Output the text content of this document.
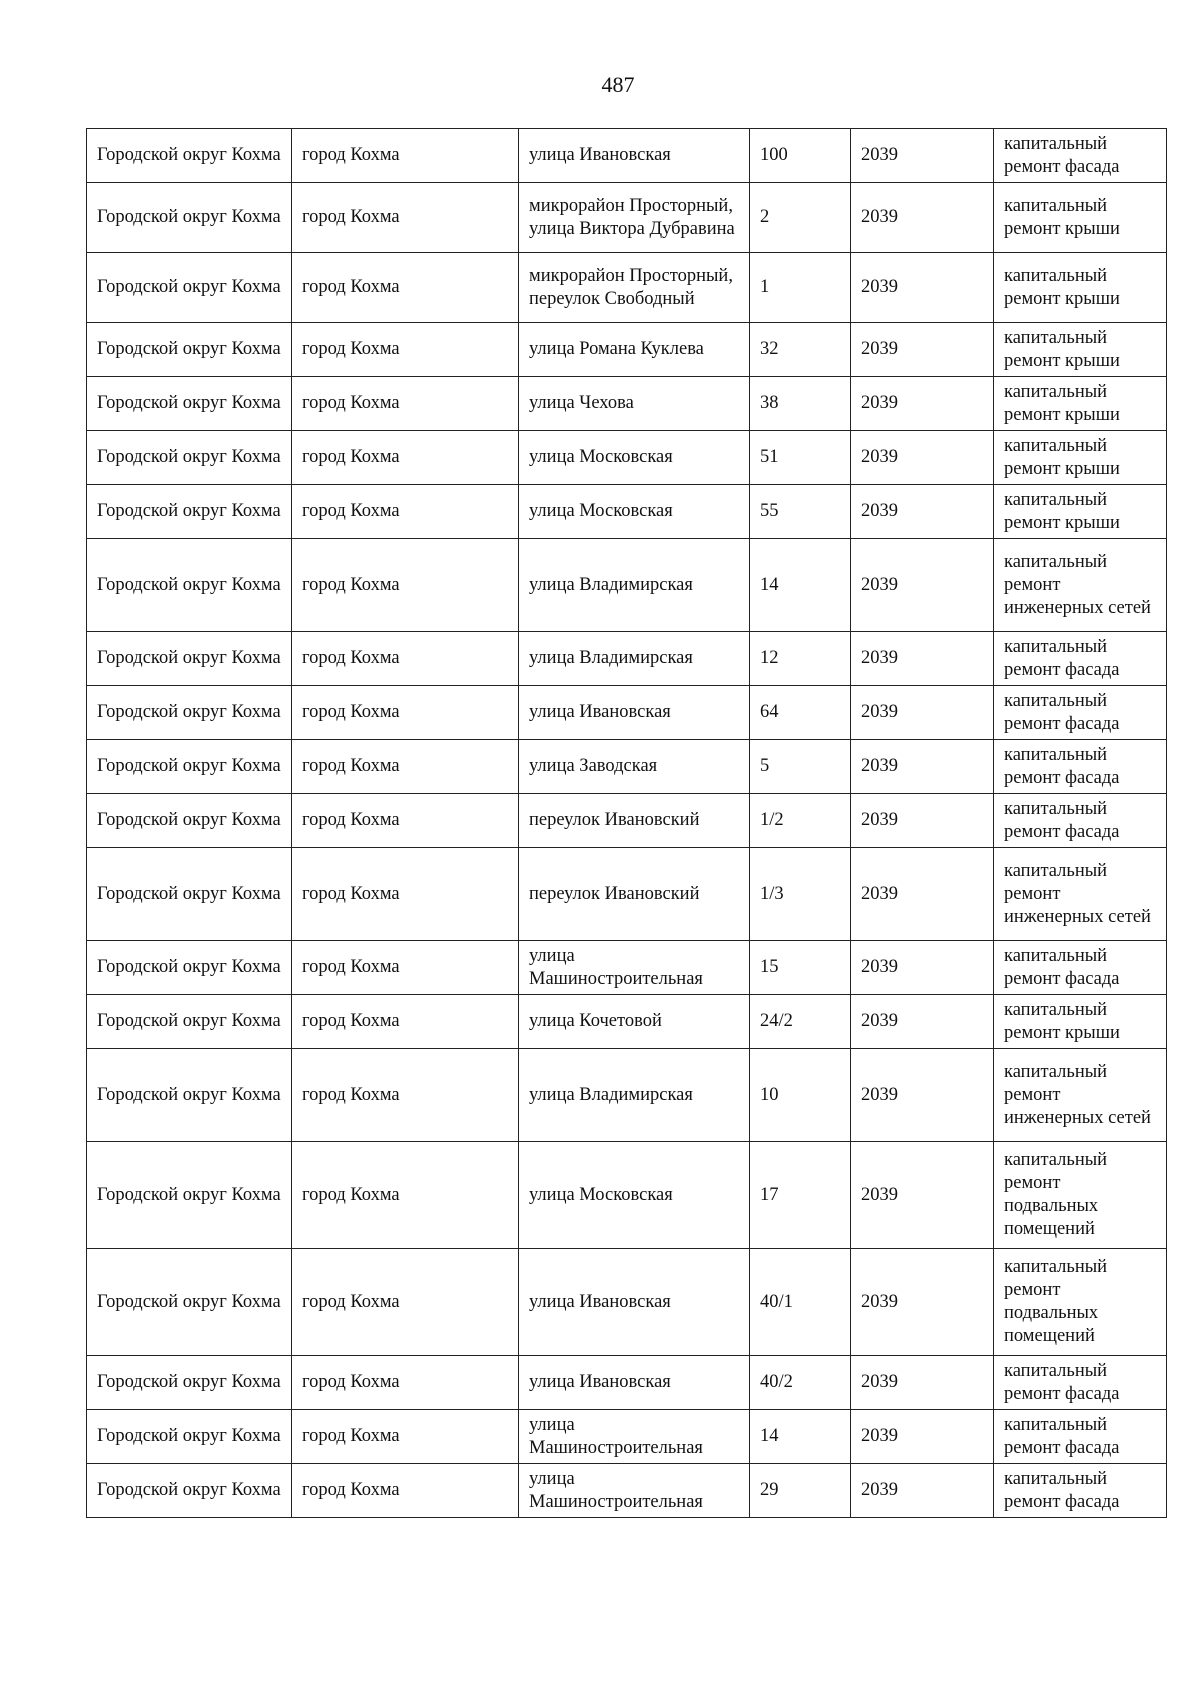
487
Городской округ Кохма	город Кохма	улица Ивановская	100	2039	капитальный ремонт фасада
Городской округ Кохма	город Кохма	микрорайон Просторный, улица Виктора Дубравина	2	2039	капитальный ремонт крыши
Городской округ Кохма	город Кохма	микрорайон Просторный, переулок Свободный	1	2039	капитальный ремонт крыши
Городской округ Кохма	город Кохма	улица Романа Куклева	32	2039	капитальный ремонт крыши
Городской округ Кохма	город Кохма	улица Чехова	38	2039	капитальный ремонт крыши
Городской округ Кохма	город Кохма	улица Московская	51	2039	капитальный ремонт крыши
Городской округ Кохма	город Кохма	улица Московская	55	2039	капитальный ремонт крыши
Городской округ Кохма	город Кохма	улица Владимирская	14	2039	капитальный ремонт инженерных сетей
Городской округ Кохма	город Кохма	улица Владимирская	12	2039	капитальный ремонт фасада
Городской округ Кохма	город Кохма	улица Ивановская	64	2039	капитальный ремонт фасада
Городской округ Кохма	город Кохма	улица Заводская	5	2039	капитальный ремонт фасада
Городской округ Кохма	город Кохма	переулок Ивановский	1/2	2039	капитальный ремонт фасада
Городской округ Кохма	город Кохма	переулок Ивановский	1/3	2039	капитальный ремонт инженерных сетей
Городской округ Кохма	город Кохма	улица Машиностроительная	15	2039	капитальный ремонт фасада
Городской округ Кохма	город Кохма	улица Кочетовой	24/2	2039	капитальный ремонт крыши
Городской округ Кохма	город Кохма	улица Владимирская	10	2039	капитальный ремонт инженерных сетей
Городской округ Кохма	город Кохма	улица Московская	17	2039	капитальный ремонт подвальных помещений
Городской округ Кохма	город Кохма	улица Ивановская	40/1	2039	капитальный ремонт подвальных помещений
Городской округ Кохма	город Кохма	улица Ивановская	40/2	2039	капитальный ремонт фасада
Городской округ Кохма	город Кохма	улица Машиностроительная	14	2039	капитальный ремонт фасада
Городской округ Кохма	город Кохма	улица Машиностроительная	29	2039	капитальный ремонт фасада
